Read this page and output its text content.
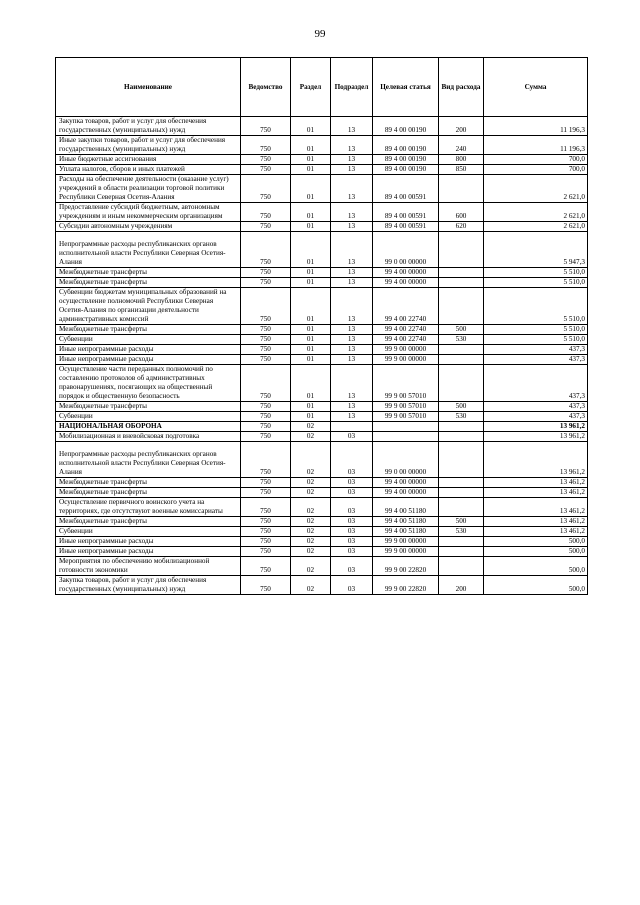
99
Наименование	Ведомство	Раздел	Подраздел	Целевая статья	Вид расхода	Сумма
Закупка товаров, работ и услуг для обеспечения государственных (муниципальных) нужд	750	01	13	89 4 00 00190	200	11 196,3
Иные закупки товаров, работ и услуг для обеспечения государственных (муниципальных) нужд	750	01	13	89 4 00 00190	240	11 196,3
Иные бюджетные ассигнования	750	01	13	89 4 00 00190	800	700,0
Уплата налогов, сборов и иных платежей	750	01	13	89 4 00 00190	850	700,0
Расходы на обеспечение деятельности (оказание услуг) учреждений в области реализации торговой политики Республики Северная Осетия-Алания	750	01	13	89 4 00 00591		2 621,0
Предоставление субсидий бюджетным, автономным учреждениям и иным некоммерческим организациям	750	01	13	89 4 00 00591	600	2 621,0
Субсидии автономным учреждениям	750	01	13	89 4 00 00591	620	2 621,0
Непрограммные расходы республиканских органов исполнительной власти Республики Северная Осетия-Алания	750	01	13	99 0 00 00000		5 947,3
Межбюджетные трансферты	750	01	13	99 4 00 00000		5 510,0
Межбюджетные трансферты	750	01	13	99 4 00 00000		5 510,0
Субвенции бюджетам муниципальных образований на осуществление полномочий Республики Северная Осетия-Алания по организации деятельности административных комиссий	750	01	13	99 4 00 22740		5 510,0
Межбюджетные трансферты	750	01	13	99 4 00 22740	500	5 510,0
Субвенции	750	01	13	99 4 00 22740	530	5 510,0
Иные непрограммные расходы	750	01	13	99 9 00 00000		437,3
Иные непрограммные расходы	750	01	13	99 9 00 00000		437,3
Осуществление части переданных полномочий по составлению протоколов об административных правонарушениях, посягающих на общественный порядок и общественную безопасность	750	01	13	99 9 00 57010		437,3
Межбюджетные трансферты	750	01	13	99 9 00 57010	500	437,3
Субвенции	750	01	13	99 9 00 57010	530	437,3
НАЦИОНАЛЬНАЯ ОБОРОНА	750	02				13 961,2
Мобилизационная и вневойсковая подготовка	750	02	03			13 961,2
Непрограммные расходы республиканских органов исполнительной власти Республики Северная Осетия-Алания	750	02	03	99 0 00 00000		13 961,2
Межбюджетные трансферты	750	02	03	99 4 00 00000		13 461,2
Межбюджетные трансферты	750	02	03	99 4 00 00000		13 461,2
Осуществление первичного воинского учета на территориях, где отсутствуют военные комиссариаты	750	02	03	99 4 00 51180		13 461,2
Межбюджетные трансферты	750	02	03	99 4 00 51180	500	13 461,2
Субвенции	750	02	03	99 4 00 51180	530	13 461,2
Иные непрограммные расходы	750	02	03	99 9 00 00000		500,0
Иные непрограммные расходы	750	02	03	99 9 00 00000		500,0
Мероприятия по обеспечению мобилизационной готовности экономики	750	02	03	99 9 00 22820		500,0
Закупка товаров, работ и услуг для обеспечения государственных (муниципальных) нужд	750	02	03	99 9 00 22820	200	500,0
